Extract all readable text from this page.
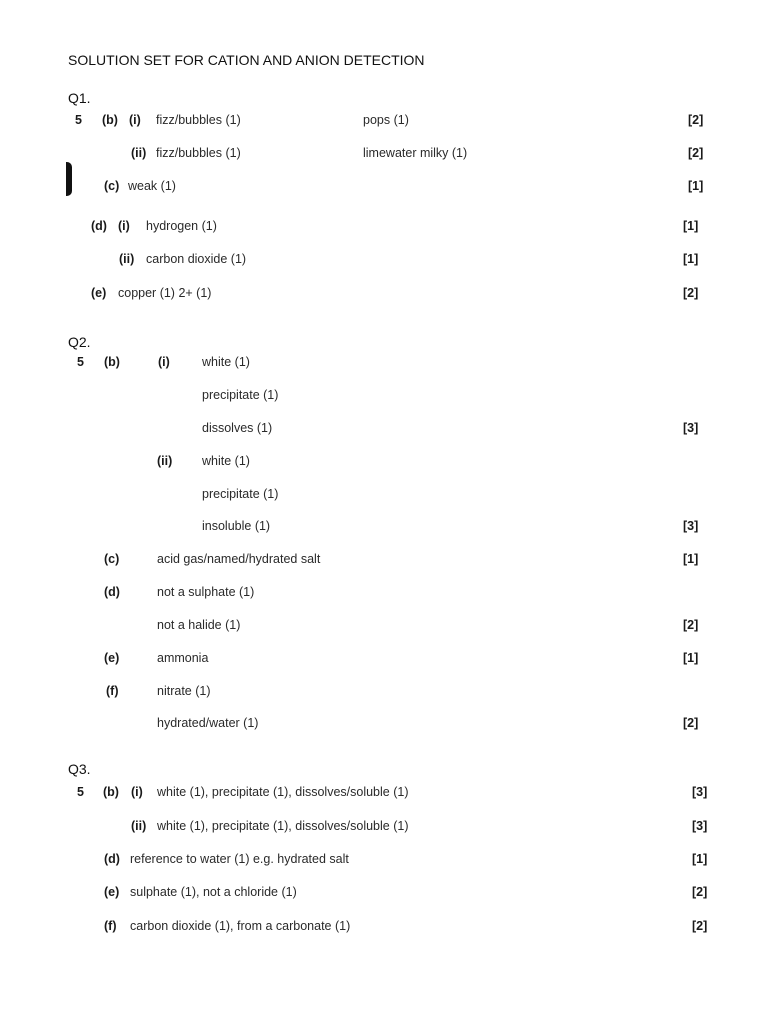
SOLUTION SET FOR CATION AND ANION DETECTION
Q1.
5 (b) (i) fizz/bubbles (1)	pops (1)	[2]
(ii) fizz/bubbles (1)	limewater milky (1)	[2]
(c) weak (1)	[1]
(d) (i) hydrogen (1)	[1]
(ii) carbon dioxide (1)	[1]
(e) copper (1) 2+ (1)	[2]
Q2.
5 (b)	(i)	white (1)
precipitate (1)
dissolves (1)	[3]
(ii) white (1)
precipitate (1)
insoluble (1)	[3]
(c)	acid gas/named/hydrated salt	[1]
(d)	not a sulphate (1)
not a halide (1)	[2]
(e)	ammonia	[1]
(f)	nitrate (1)
hydrated/water (1)	[2]
Q3.
5 (b) (i) white (1), precipitate (1), dissolves/soluble (1)	[3]
(ii) white (1), precipitate (1), dissolves/soluble (1)	[3]
(d) reference to water (1) e.g. hydrated salt	[1]
(e) sulphate (1), not a chloride (1)	[2]
(f) carbon dioxide (1), from a carbonate (1)	[2]
